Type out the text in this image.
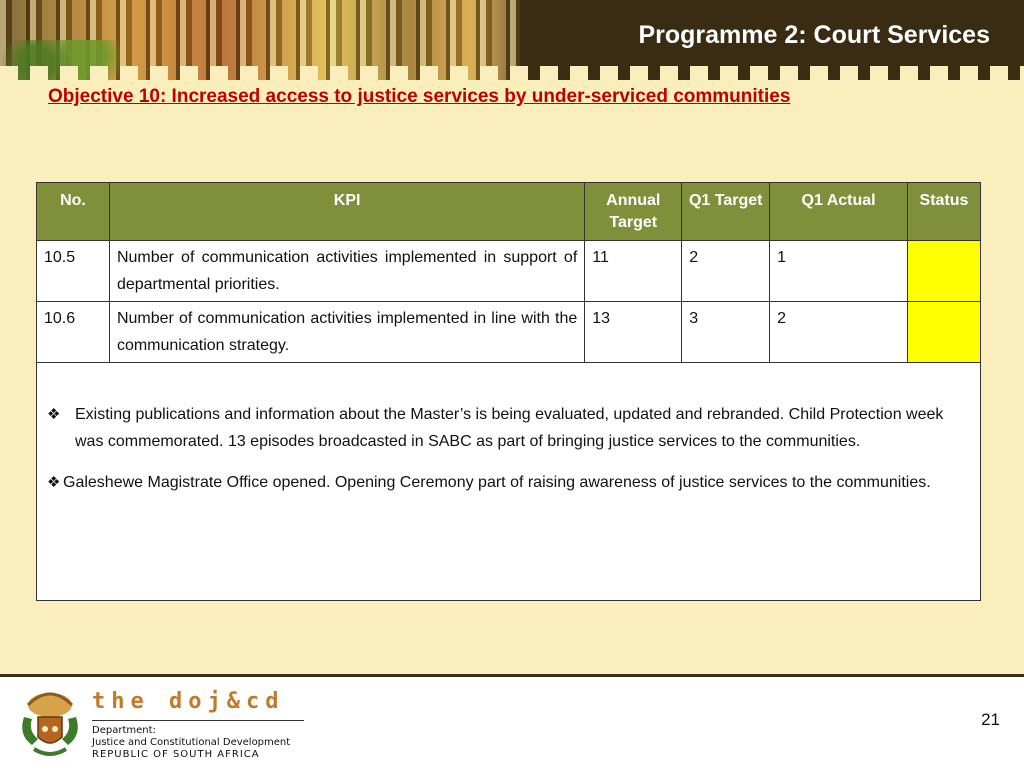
Programme 2: Court Services

Objective 10: Increased access to justice services by under-serviced communities

No.	KPI	Annual Target	Q1 Target	Q1 Actual	Status
10.5	Number of communication activities implemented in support of departmental priorities.	11	2	1	
10.6	Number of communication activities implemented in line with the communication strategy.	13	3	2	

❖ Existing publications and information about the Master’s is being evaluated, updated and rebranded. Child Protection week was commemorated. 13 episodes broadcasted in SABC as part of bringing justice services to the communities.
❖ Galeshewe Magistrate Office opened. Opening Ceremony part of raising awareness of justice services to the communities.					

the doj&cd

Department:
Justice and Constitutional Development
REPUBLIC OF SOUTH AFRICA
21
